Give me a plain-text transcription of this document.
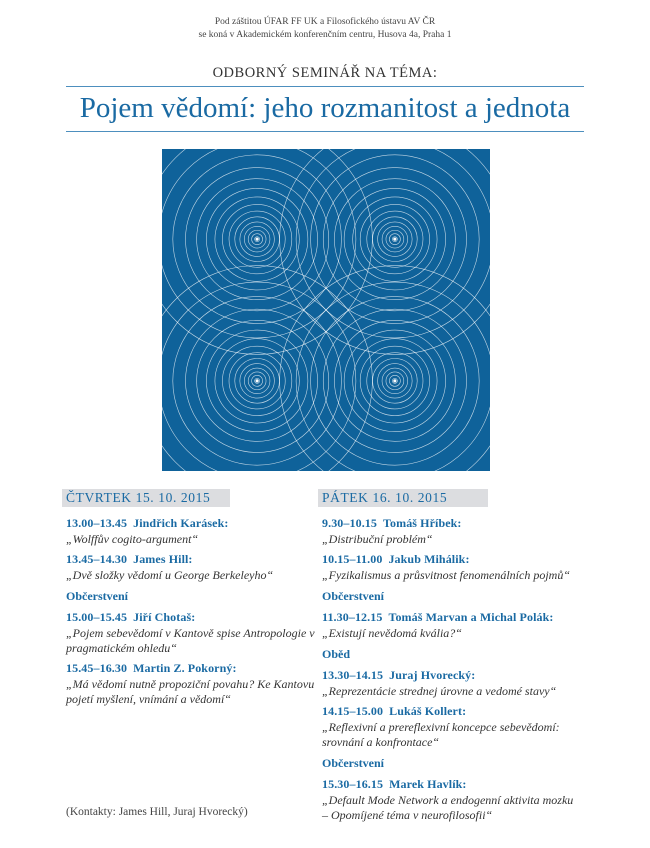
Pod záštitou ÚFAR FF UK a Filosofického ústavu AV ČR
se koná v Akademickém konferenčním centru, Husova 4a, Praha 1
ODBORNÝ SEMINÁŘ NA TÉMA:
Pojem vědomí: jeho rozmanitost a jednota
ČTVRTEK 15. 10. 2015	PÁTEK 16. 10. 2015
13.00–13.45 Jindřich Karásek:
„Wolffův cogito-argument“
13.45–14.30 James Hill:
„Dvě složky vědomí u George Berkeleyho“
Občerstvení
15.00–15.45 Jiří Chotaš:
„Pojem sebevědomí v Kantově spise Antropologie v pragmatickém ohledu“
15.45–16.30 Martin Z. Pokorný:
„Má vědomí nutně propoziční povahu? Ke Kantovu pojetí myšlení, vnímání a vědomí“
9.30–10.15 Tomáš Hříbek:
„Distribuční problém“
10.15–11.00 Jakub Mihálik:
„Fyzikalismus a průsvitnost fenomenálních pojmů“
Občerstvení
11.30–12.15 Tomáš Marvan a Michal Polák:
„Existují nevědomá kvália?“
Oběd
13.30–14.15 Juraj Hvorecký:
„Reprezentácie strednej úrovne a vedomé stavy“
14.15–15.00 Lukáš Kollert:
„Reflexivní a prereflexivní koncepce sebevědomí: srovnání a konfrontace“
Občerstvení
15.30–16.15 Marek Havlík:
„Default Mode Network a endogenní aktivita mozku – Opomíjené téma v neurofilosofii“
(Kontakty: James Hill, Juraj Hvorecký)
